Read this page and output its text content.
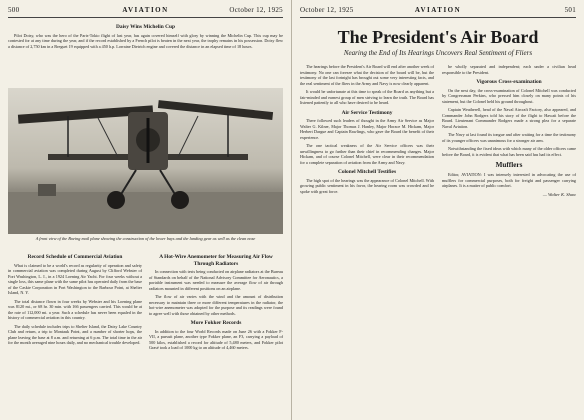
500	AVIATION	October 12, 1925
Daisy Wins Michelin Cup

Pilot Doisy, who was the hero of the Paris-Tokio flight of last year, has again covered himself with glory by winning the Michelin Cup. This cup may be contested for at any time during the year, and if the record established by a French pilot is beaten in the next year, the trophy remains in his possession. Doisy flew a distance of 2,750 km in a Breguet 19 equipped with a 450 h.p. Lorraine Dietrich engine and covered the distance in an elapsed time of 18 hours.

A front view of the Boeing mail plane showing the construction of the lower bays and the landing gear as well as the clean nose
Record Schedule of Commercial Aviation

What is claimed to be a world's record as regularity of operation and safety in commercial aviation was completed during August by Clifford Webster of Fort Washington, L. I., in a 1924 Loening Air Yacht. For four weeks without a single loss, this same plane with the same pilot has operated daily from the base of the Caskie Corporation in Port Washington to the Barbour Point, at Shelter Island, N. Y.

The total distance flown in four weeks by Webster and his Loening plane was 8120 mi., or 68 hr. 30 min. with 166 passengers carried. This would be at the rate of 112,000 mi. a year. Such a schedule has never been equaled in the history of commercial aviation in this country.

The daily schedule includes trips to Shelter Island, the Daisy Lake Country Club and return, a trip to Montauk Point, and a number of shorter hops, the plane leaving the base at 8 a.m. and returning at 6 p.m. The total time in the air for the month averaged nine hours daily, and no mechanical trouble developed.

A Hot-Wire Anemometer for Measuring Air Flow Through Radiators

In connection with tests being conducted on airplane radiators at the Bureau of Standards on behalf of the National Advisory Committee for Aeronautics, a portable instrument was needed to measure the average flow of air through radiators mounted in different positions on an airplane.

The flow of air varies with the wind and the amount of distribution necessary to maintain three or more different temperatures in the radiator, the hot-wire anemometer was adopted for the purpose and its readings were found to agree well with those obtained by other methods.

More Fokker Records

In addition to the four World Records made on June 26 with a Fokker F-VII, a pursuit plane, another type Fokker plane, an F3, carrying a payload of 500 kilos, established a record for altitude of 5,480 meters, and Fokker pilot Grasé took a load of 1000 kg to an altitude of 4,460 meters.

October 12, 1925	AVIATION	501
The President's Air Board
Nearing the End of Its Hearings Uncovers Real Sentiment of Fliers

The hearings before the President's Air Board will end after another week of testimony. No one can foresee what the decision of the board will be, but the testimony of the last fortnight has brought out some very interesting facts, and the real sentiment of the fliers in the Army and Navy is now clearly apparent.

It would be unfortunate at this time to speak of the Board as anything but a fair-minded and earnest group of men striving to learn the truth. The Board has listened patiently to all who have desired to be heard.

Air Service Testimony

There followed such leaders of thought in the Army Air Service as Major Walter G. Kilner, Major Thomas J. Hanley, Major Horace M. Hickam, Major Herbert Dargue and Captain Rawlings, who gave the Board the benefit of their experience.

The one tactical weakness of the Air Service officers was their unwillingness to go farther than their chief in recommending changes. Major Hickam, and of course Colonel Mitchell, were clear in their recommendation for a complete separation of aviation from the Army and Navy.

Colonel Mitchell Testifies

The high spot of the hearings was the appearance of Colonel Mitchell. With growing public sentiment in his favor, the hearing room was crowded and he spoke with great force.

be wholly separated and independent; each under a civilian head responsible to the President.

Vigorous Cross-examination

On the next day, the cross-examination of Colonel Mitchell was conducted by Congressman Perkins, who pressed him closely on many points of his statement, but the Colonel held his ground throughout.

Captain Weatherell, head of the Naval Aircraft Factory, also appeared, and Commander John Rodgers told his story of the flight to Hawaii before the Board. Lieutenant Commander Rodgers made a strong plea for a separate Naval Aviation.

The Navy at last found its tongue and after waiting for a time the testimony of its younger officers was unanimous for a stronger air arm.

Notwithstanding the fixed ideas with which many of the older officers came before the Board, it is evident that what has been said has had its effect.

Mufflers

Editor, AVIATION: I was intensely interested in advocating the use of mufflers for commercial purposes, both for freight and passenger carrying airplanes. It is a matter of public comfort.

— Walter K. Shaw
